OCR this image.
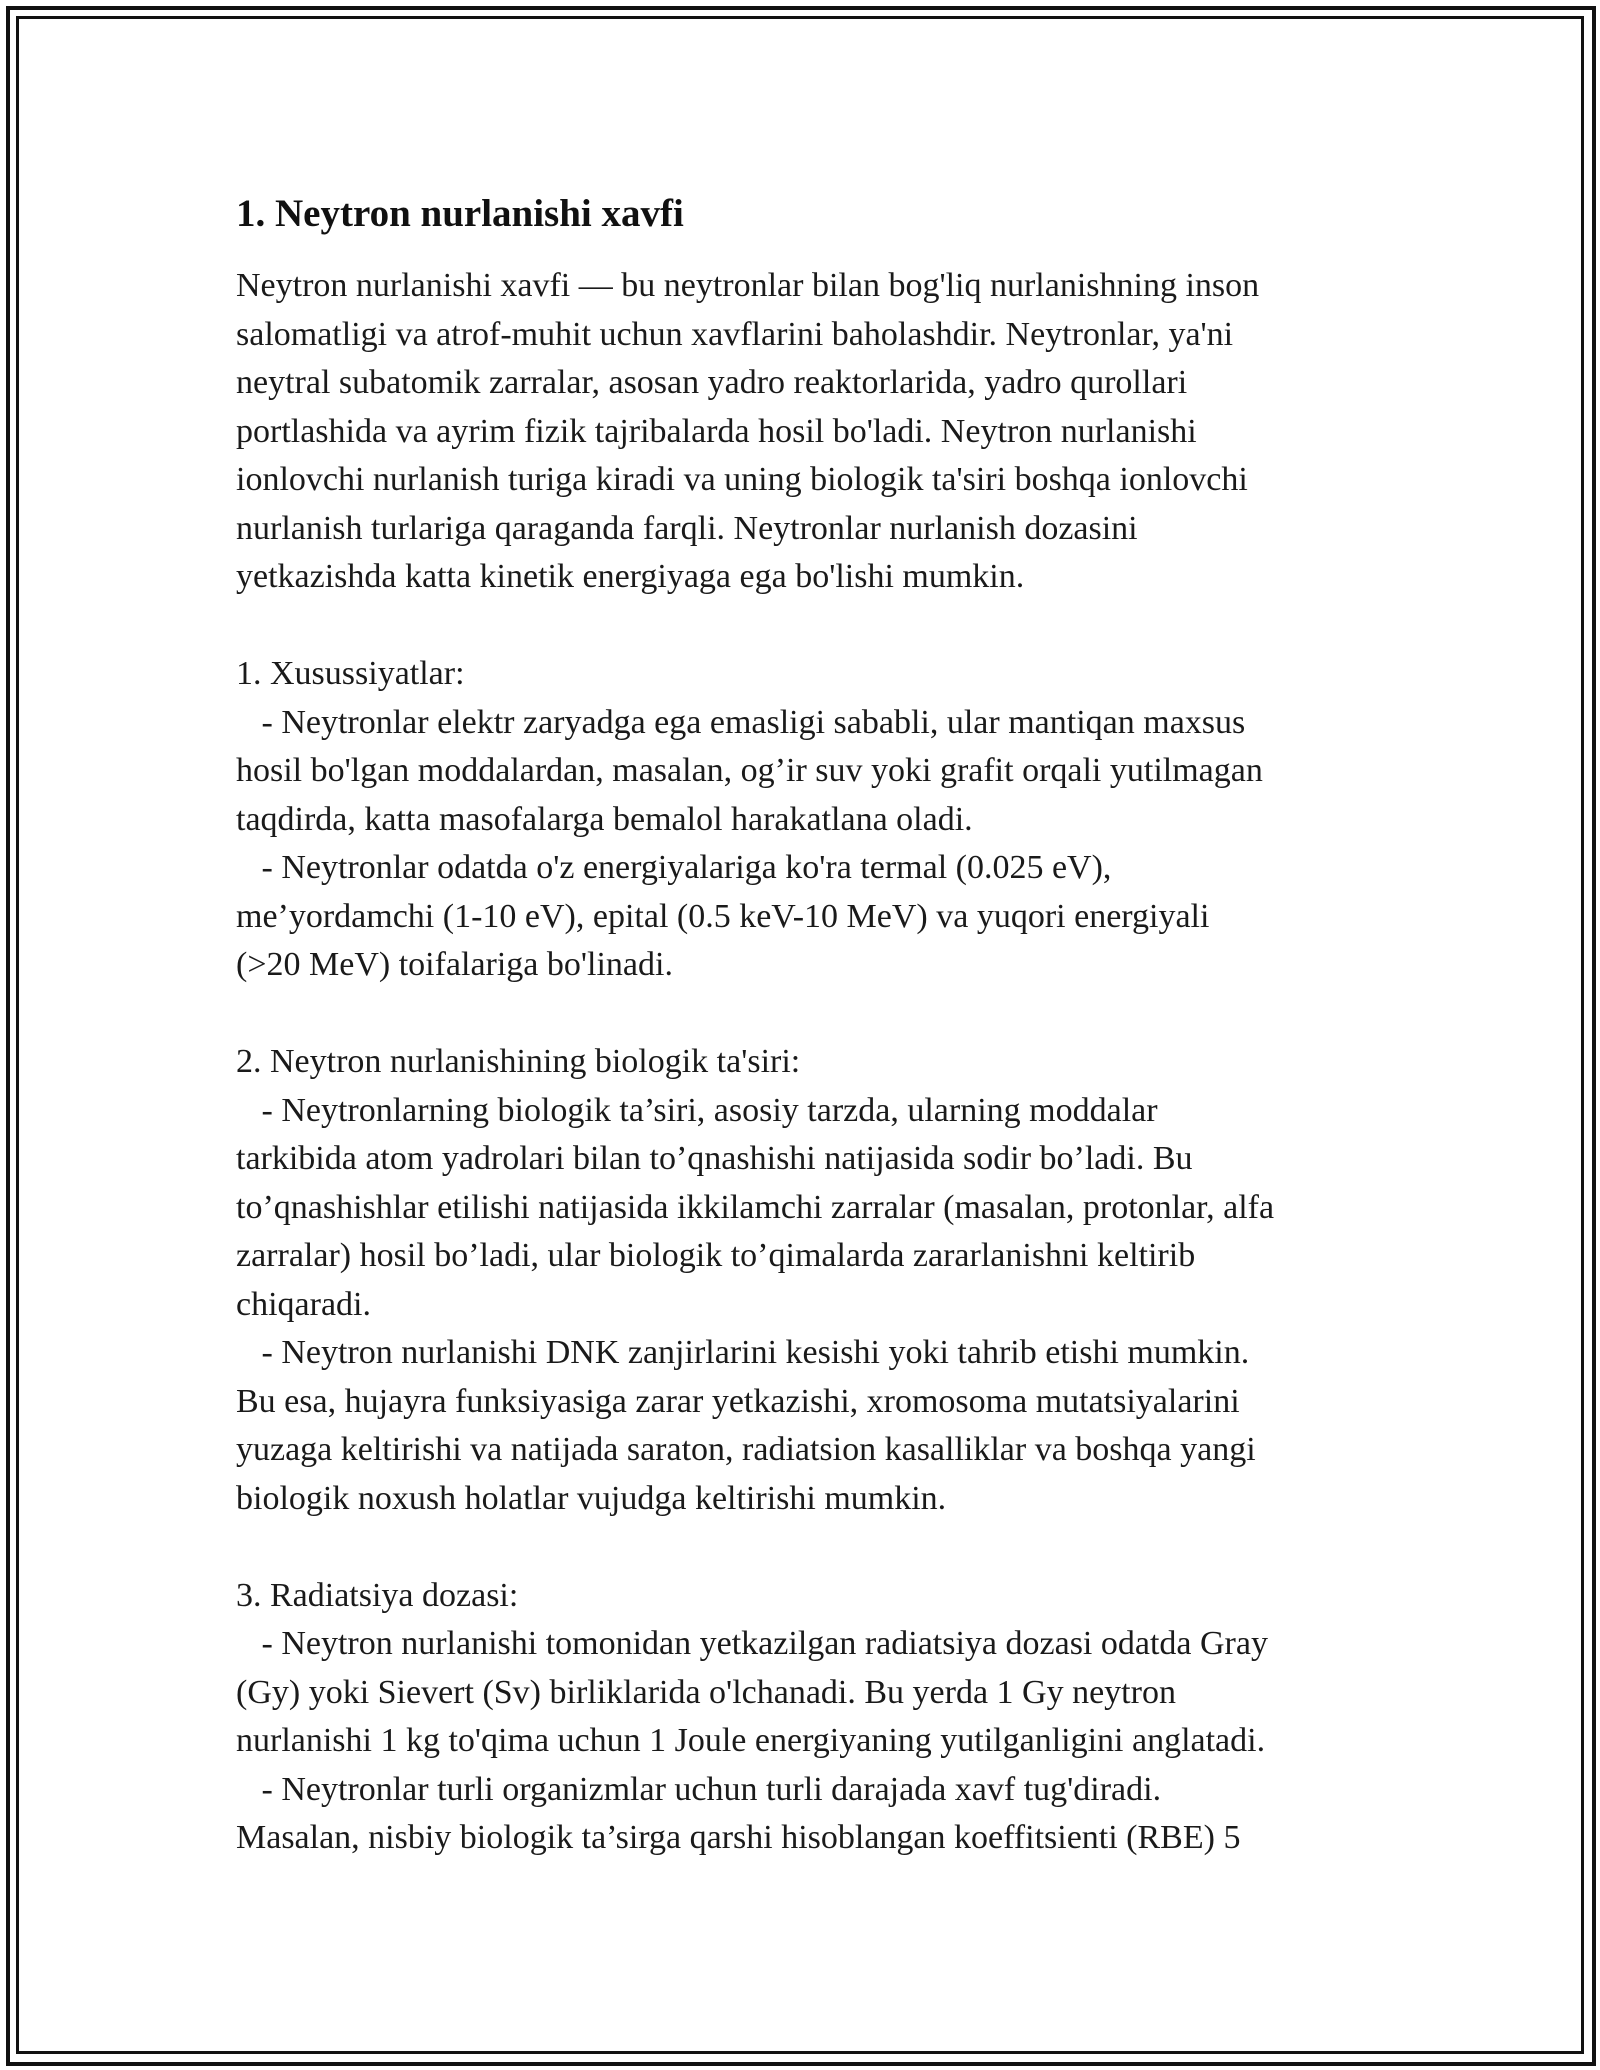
1. Neytron nurlanishi xavfi
Neytron nurlanishi xavfi — bu neytronlar bilan bog'liq nurlanishning inson
salomatligi va atrof-muhit uchun xavflarini baholashdir. Neytronlar, ya'ni
neytral subatomik zarralar, asosan yadro reaktorlarida, yadro qurollari
portlashida va ayrim fizik tajribalarda hosil bo'ladi. Neytron nurlanishi
ionlovchi nurlanish turiga kiradi va uning biologik ta'siri boshqa ionlovchi
nurlanish turlariga qaraganda farqli. Neytronlar nurlanish dozasini
yetkazishda katta kinetik energiyaga ega bo'lishi mumkin.
1. Xusussiyatlar:
- Neytronlar elektr zaryadga ega emasligi sababli, ular mantiqan maxsus
hosil bo'lgan moddalardan, masalan, og’ir suv yoki grafit orqali yutilmagan
taqdirda, katta masofalarga bemalol harakatlana oladi.
- Neytronlar odatda o'z energiyalariga ko'ra termal (0.025 eV),
me’yordamchi (1-10 eV), epital (0.5 keV-10 MeV) va yuqori energiyali
(>20 MeV) toifalariga bo'linadi.
2. Neytron nurlanishining biologik ta'siri:
- Neytronlarning biologik ta’siri, asosiy tarzda, ularning moddalar
tarkibida atom yadrolari bilan to’qnashishi natijasida sodir bo’ladi. Bu
to’qnashishlar etilishi natijasida ikkilamchi zarralar (masalan, protonlar, alfa
zarralar) hosil bo’ladi, ular biologik to’qimalarda zararlanishni keltirib
chiqaradi.
- Neytron nurlanishi DNK zanjirlarini kesishi yoki tahrib etishi mumkin.
Bu esa, hujayra funksiyasiga zarar yetkazishi, xromosoma mutatsiyalarini
yuzaga keltirishi va natijada saraton, radiatsion kasalliklar va boshqa yangi
biologik noxush holatlar vujudga keltirishi mumkin.
3. Radiatsiya dozasi:
- Neytron nurlanishi tomonidan yetkazilgan radiatsiya dozasi odatda Gray
(Gy) yoki Sievert (Sv) birliklarida o'lchanadi. Bu yerda 1 Gy neytron
nurlanishi 1 kg to'qima uchun 1 Joule energiyaning yutilganligini anglatadi.
- Neytronlar turli organizmlar uchun turli darajada xavf tug'diradi.
Masalan, nisbiy biologik ta’sirga qarshi hisoblangan koeffitsienti (RBE) 5
